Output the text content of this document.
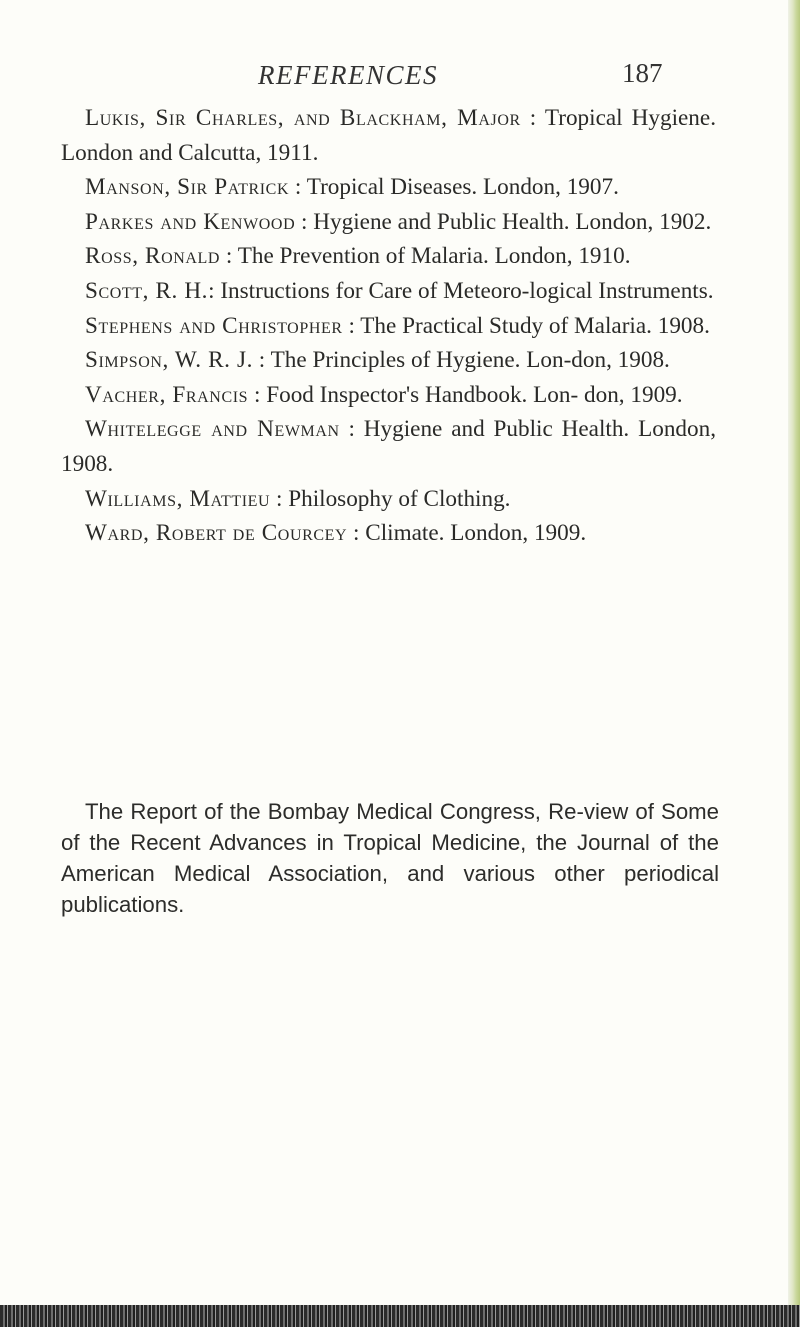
REFERENCES	187

Lukis, Sir Charles, and Blackham, Major : Tropical Hygiene. London and Calcutta, 1911.

Manson, Sir Patrick : Tropical Diseases. London, 1907.

Parkes and Kenwood : Hygiene and Public Health. London, 1902.

Ross, Ronald : The Prevention of Malaria. London, 1910.

Scott, R. H.: Instructions for Care of Meteoro-logical Instruments.

Stephens and Christopher : The Practical Study of Malaria. 1908.

Simpson, W. R. J. : The Principles of Hygiene. Lon-don, 1908.

Vacher, Francis : Food Inspector's Handbook. Lon- don, 1909.

Whitelegge and Newman : Hygiene and Public Health. London, 1908.

Williams, Mattieu : Philosophy of Clothing.

Ward, Robert de Courcey : Climate. London, 1909.

The Report of the Bombay Medical Congress, Re-view of Some of the Recent Advances in Tropical Medicine, the Journal of the American Medical Association, and various other periodical publications.
